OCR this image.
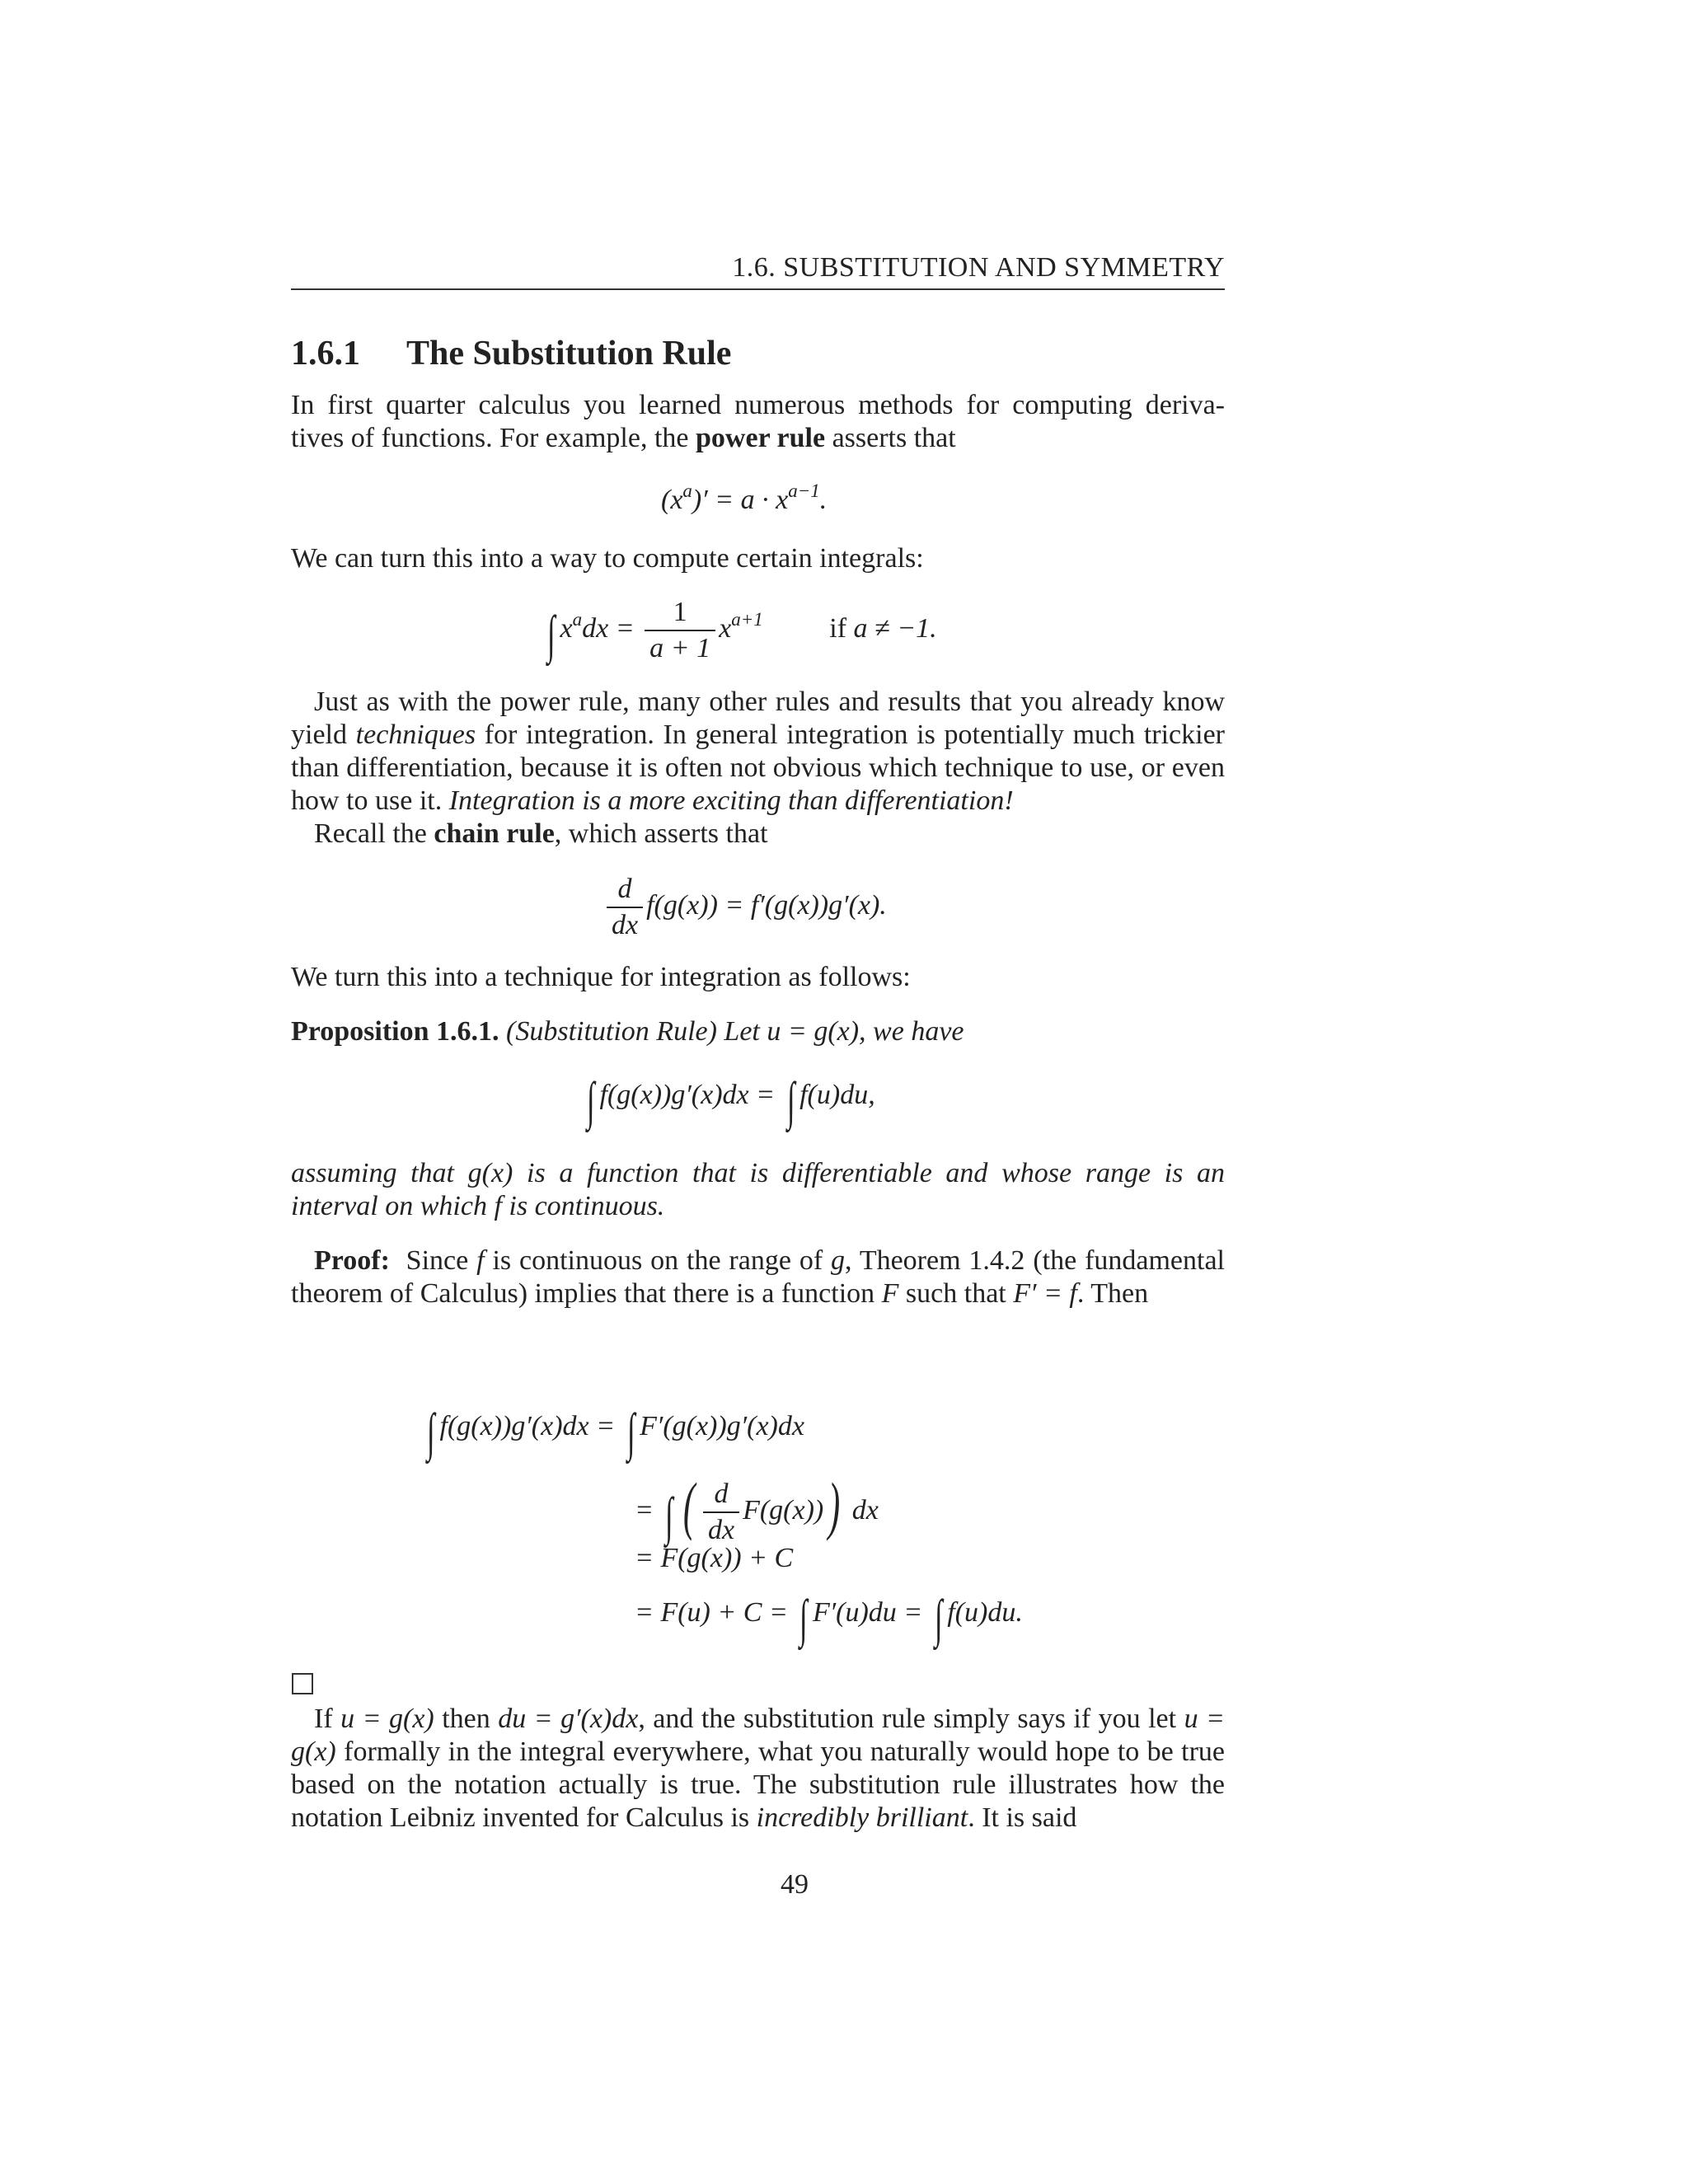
1.6. SUBSTITUTION AND SYMMETRY
1.6.1 The Substitution Rule
In first quarter calculus you learned numerous methods for computing deriva-
tives of functions. For example, the power rule asserts that
$(x^a)' = a \cdot x^{a-1}$.
We can turn this into a way to compute certain integrals:
∫ $x^adx = \frac{1}{a + 1} x^{a+1}$ if a ≠ −1.
Just as with the power rule, many other rules and results that you already know yield techniques for integration. In general integration is potentially much trickier than differentiation, because it is often not obvious which technique to use, or even how to use it. Integration is a more exciting than differentiation!
Recall the chain rule, which asserts that
$\frac{d}{dx} f(g(x)) = f'(g(x))g'(x)$.
We turn this into a technique for integration as follows:
Proposition 1.6.1. (Substitution Rule) Let u = g(x), we have
∫ f(g(x))g′(x)dx = ∫ f(u)du,
assuming that g(x) is a function that is differentiable and whose range is an interval on which f is continuous.
Proof: Since f is continuous on the range of g, Theorem 1.4.2 (the fundamental theorem of Calculus) implies that there is a function F such that F′ = f. Then
∫ f(g(x))g′(x)dx = ∫ F′(g(x))g′(x)dx
= ∫ ( $\frac{d}{dx} F(g(x))$) dx
= F(g(x)) + C
= F(u) + C = ∫ F′(u)du = ∫ f(u)du.
If u = g(x) then du = g′(x)dx, and the substitution rule simply says if you let u = g(x) formally in the integral everywhere, what you naturally would hope to be true based on the notation actually is true. The substitution rule illustrates how the notation Leibniz invented for Calculus is incredibly brilliant. It is said
49
